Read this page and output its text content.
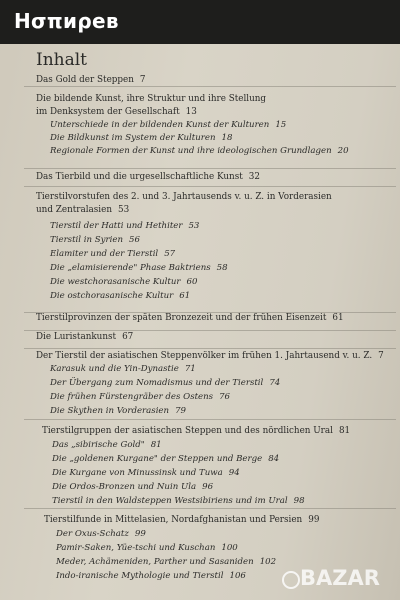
Ησπиρев
Inhalt
Das Gold der Steppen 7
Die bildende Kunst, ihre Struktur und ihre Stellung
im Denksystem der Gesellschaft 13
Unterschiede in der bildenden Kunst der Kulturen 15
Die Bildkunst im System der Kulturen 18
Regionale Formen der Kunst und ihre ideologischen Grundlagen 20
Das Tierbild und die urgesellschaftliche Kunst 32
Tierstilvorstufen des 2. und 3. Jahrtausends v. u. Z. in Vorderasien
und Zentralasien 53
Tierstil der Hatti und Hethiter 53
Tierstil in Syrien 56
Elamiter und der Tierstil 57
Die „elamisierende" Phase Baktriens 58
Die westchorasanische Kultur 60
Die ostchorasanische Kultur 61
Tierstilprovinzen der späten Bronzezeit und der frühen Eisenzeit 61
Die Luristankunst 67
Der Tierstil der asiatischen Steppenvölker im frühen 1. Jahrtausend v. u. Z. 7
Karasuk und die Yin-Dynastie 71
Der Übergang zum Nomadismus und der Tierstil 74
Die frühen Fürstengräber des Ostens 76
Die Skythen in Vorderasien 79
Tierstilgruppen der asiatischen Steppen und des nördlichen Ural 81
Das „sibirische Gold" 81
Die „goldenen Kurgane" der Steppen und Berge 84
Die Kurgane von Minussinsk und Tuwa 94
Die Ordos-Bronzen und Nuin Ula 96
Tierstil in den Waldsteppen Westsibiriens und im Ural 98
Tierstilfunde in Mittelasien, Nordafghanistan und Persien 99
Der Oxus-Schatz 99
Pamir-Saken, Yüe-tschi und Kuschan 100
Meder, Achämeniden, Parther und Sasaniden 102
Indo-iranische Mythologie und Tierstil 106	BAZAR
